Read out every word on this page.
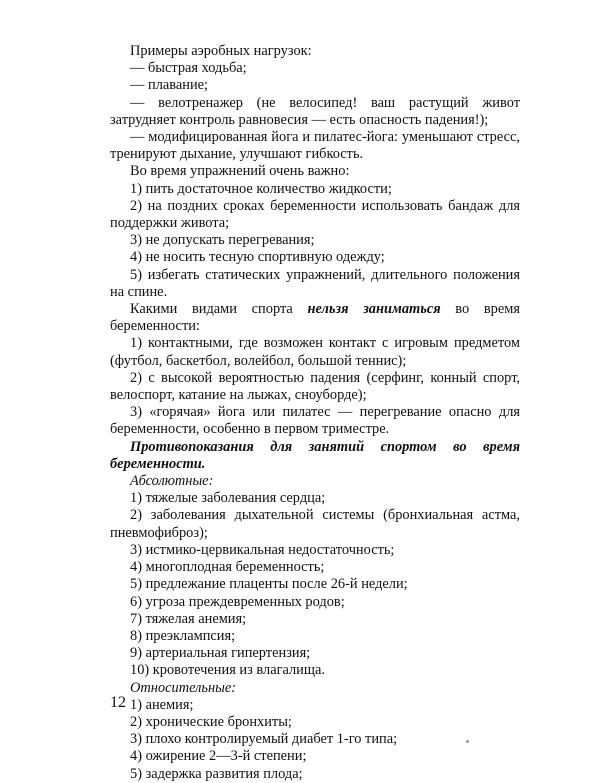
Примеры аэробных нагрузок:

— быстрая ходьба;

— плавание;

— велотренажер (не велосипед! ваш растущий живот затрудняет контроль равновесия — есть опасность падения!);

— модифицированная йога и пилатес-йога: уменьшают стресс, тренируют дыхание, улучшают гибкость.

Во время упражнений очень важно:

1) пить достаточное количество жидкости;

2) на поздних сроках беременности использовать бандаж для поддержки живота;

3) не допускать перегревания;

4) не носить тесную спортивную одежду;

5) избегать статических упражнений, длительного положения на спине.

Какими видами спорта нельзя заниматься во время беременности:

1) контактными, где возможен контакт с игровым предметом (футбол, баскетбол, волейбол, большой теннис);

2) с высокой вероятностью падения (серфинг, конный спорт, велоспорт, катание на лыжах, сноуборде);

3) «горячая» йога или пилатес — перегревание опасно для беременности, особенно в первом триместре.

Противопоказания для занятий спортом во время беременности.

Абсолютные:

1) тяжелые заболевания сердца;

2) заболевания дыхательной системы (бронхиальная астма, пневмофиброз);

3) истмико-цервикальная недостаточность;

4) многоплодная беременность;

5) предлежание плаценты после 26-й недели;

6) угроза преждевременных родов;

7) тяжелая анемия;

8) преэклампсия;

9) артериальная гипертензия;

10) кровотечения из влагалища.

Относительные:

1) анемия;

2) хронические бронхиты;

3) плохо контролируемый диабет 1-го типа;

4) ожирение 2—3-й степени;

5) задержка развития плода;

12
